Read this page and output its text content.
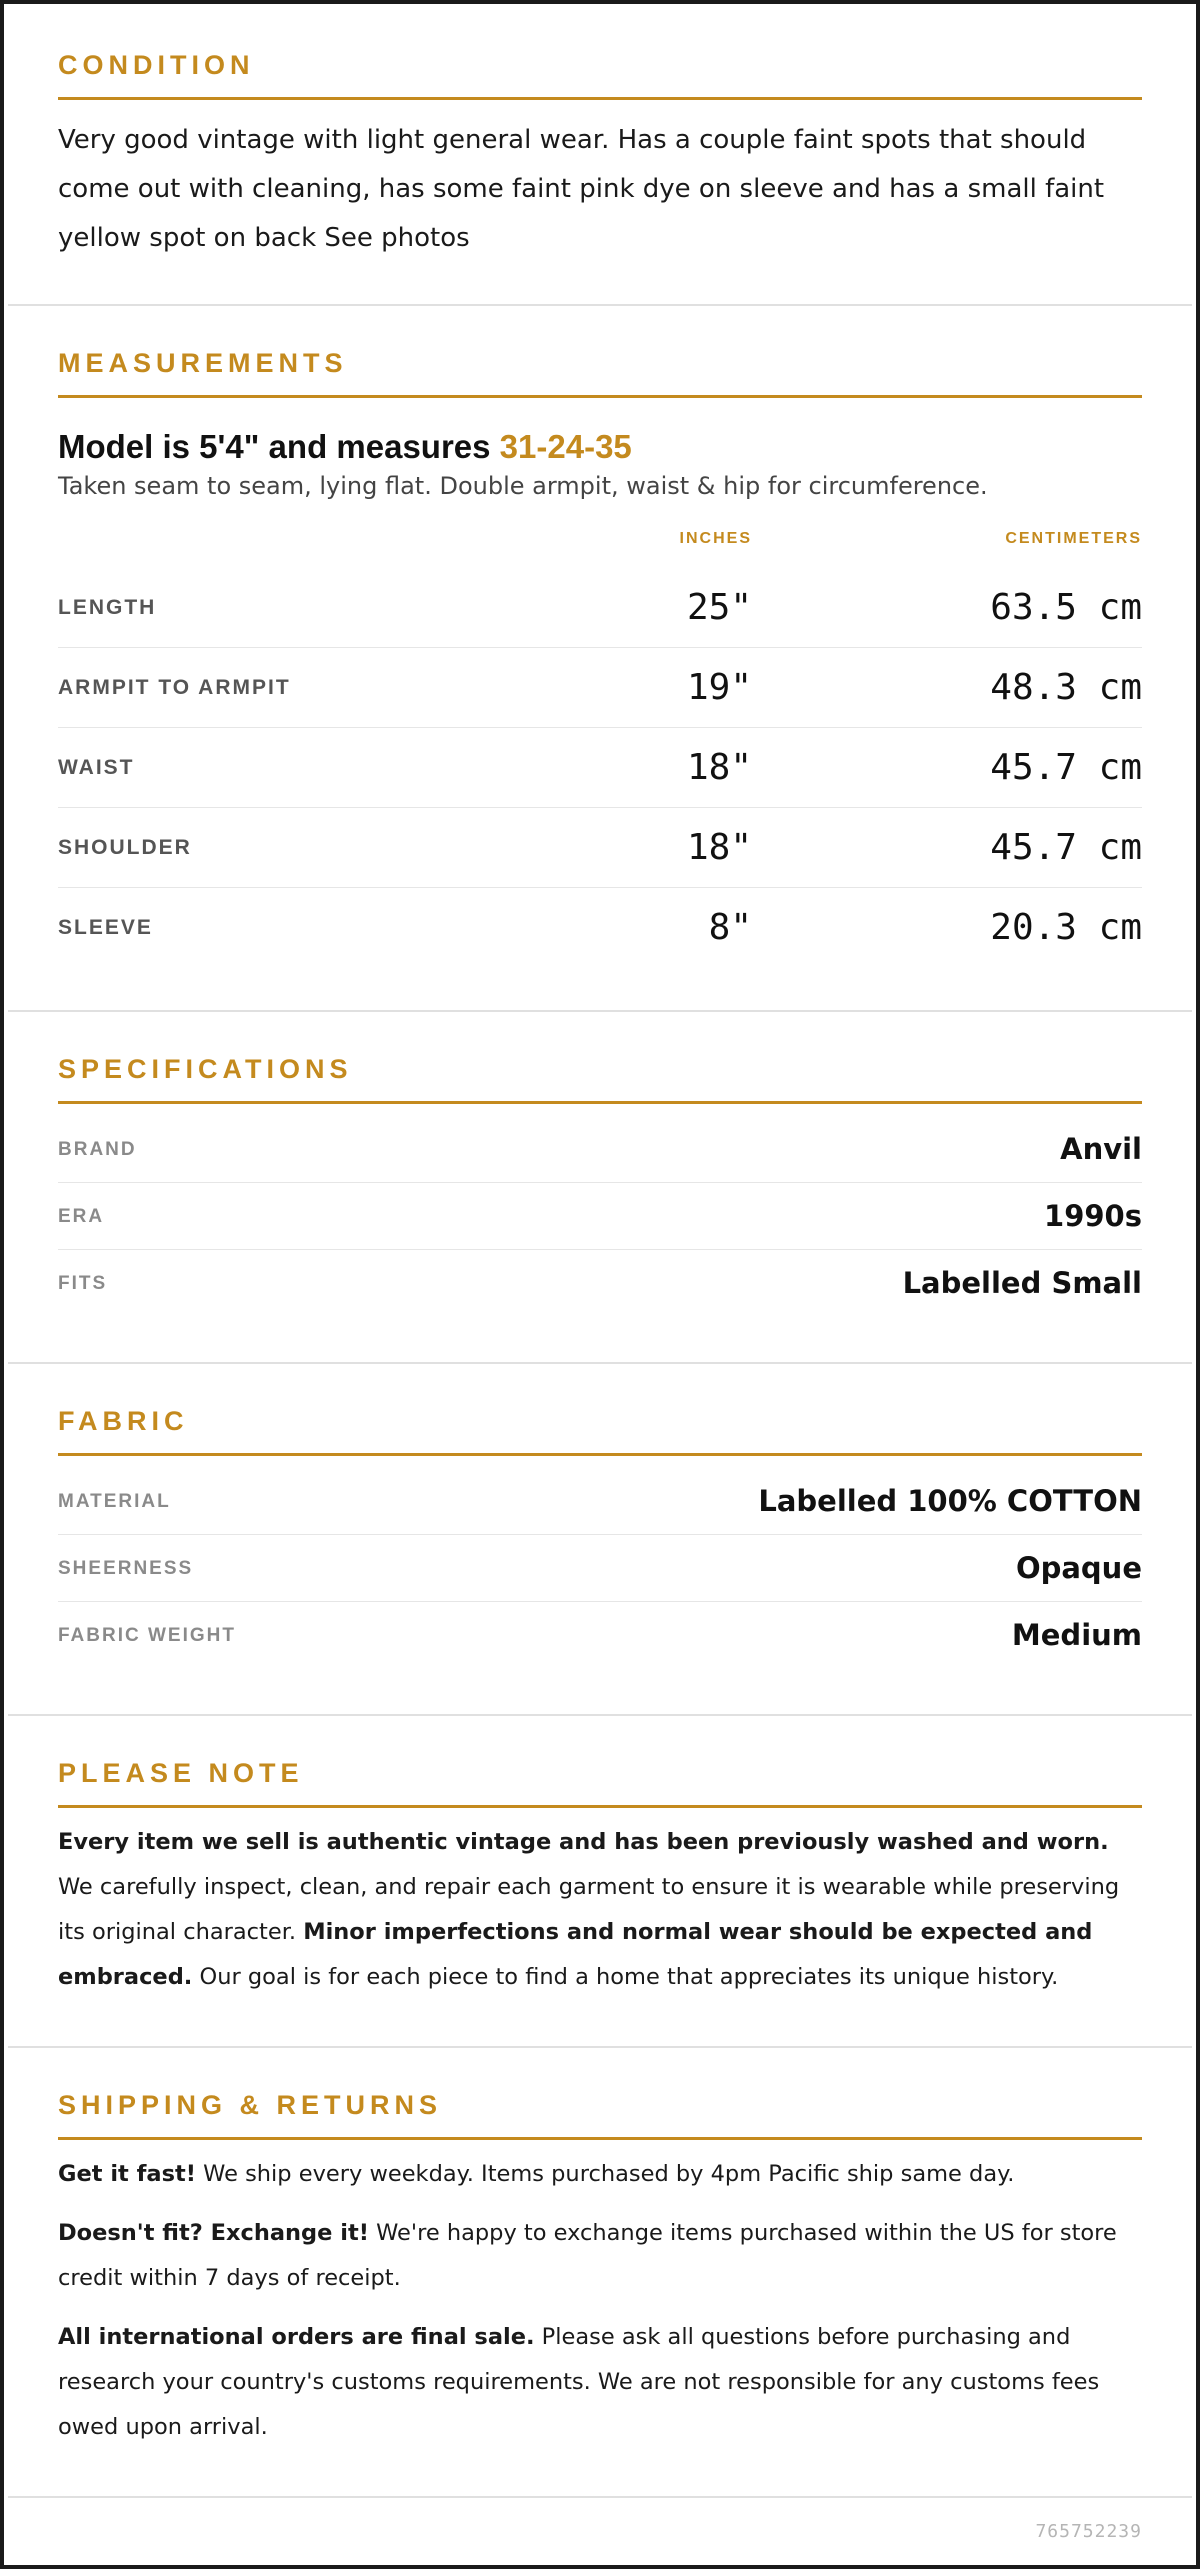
CONDITION
Very good vintage with light general wear. Has a couple faint spots that should come out with cleaning, has some faint pink dye on sleeve and has a small faint yellow spot on back See photos
MEASUREMENTS
Model is 5'4" and measures 31-24-35
Taken seam to seam, lying flat. Double armpit, waist & hip for circumference.
INCHES	CENTIMETERS
LENGTH	25"	63.5 cm
ARMPIT TO ARMPIT	19"	48.3 cm
WAIST	18"	45.7 cm
SHOULDER	18"	45.7 cm
SLEEVE	8"	20.3 cm
SPECIFICATIONS
BRAND	Anvil
ERA	1990s
FITS	Labelled Small
FABRIC
MATERIAL	Labelled 100% COTTON
SHEERNESS	Opaque
FABRIC WEIGHT	Medium
PLEASE NOTE

Every item we sell is authentic vintage and has been previously washed and worn. We carefully inspect, clean, and repair each garment to ensure it is wearable while preserving its original character. Minor imperfections and normal wear should be expected and embraced. Our goal is for each piece to find a home that appreciates its unique history.

SHIPPING & RETURNS

Get it fast! We ship every weekday. Items purchased by 4pm Pacific ship same day.

Doesn't fit? Exchange it! We're happy to exchange items purchased within the US for store credit within 7 days of receipt.

All international orders are final sale. Please ask all questions before purchasing and research your country's customs requirements. We are not responsible for any customs fees owed upon arrival.

765752239
